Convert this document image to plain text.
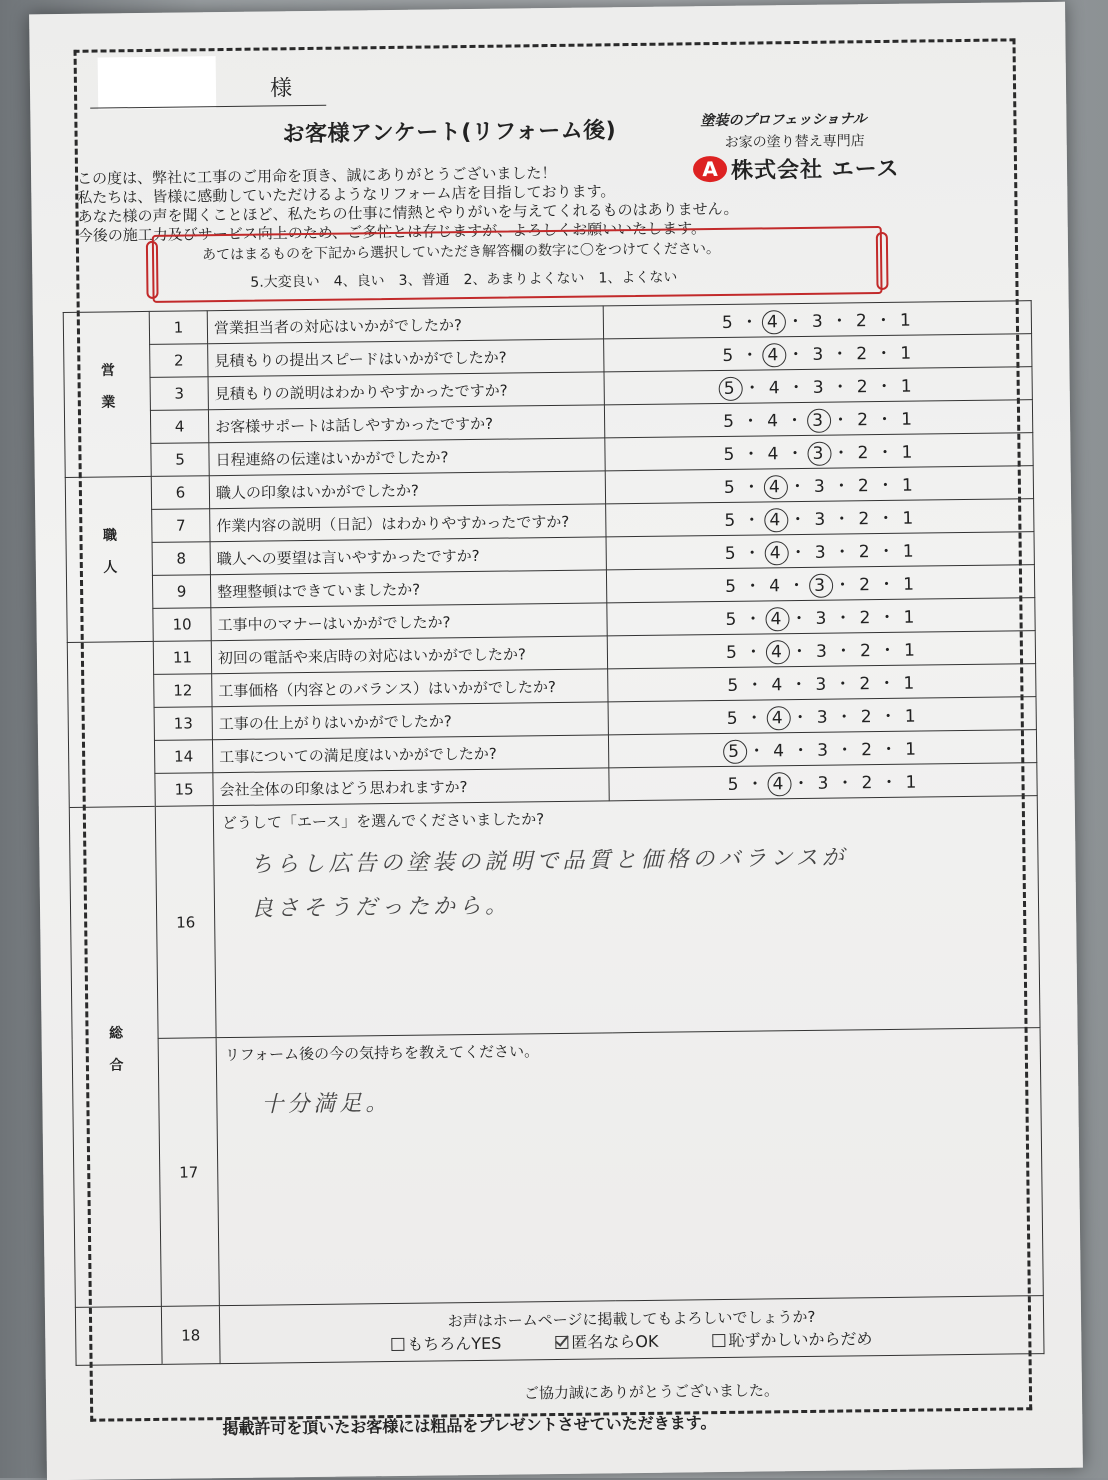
様
お客様アンケート(リフォーム後)	塗装のプロフェッショナル
お家の塗り替え専門店
A 株式会社 エース
この度は、弊社に工事のご用命を頂き、誠にありがとうございました！
私たちは、皆様に感動していただけるようなリフォーム店を目指しております。
あなた様の声を聞くことほど、私たちの仕事に情熱とやりがいを与えてくれるものはありません。
今後の施工力及びサービス向上のため、ご多忙とは存じますが、よろしくお願いいたします。
あてはまるものを下記から選択していただき解答欄の数字に〇をつけてください。
5.大変良い　4、良い　3、普通　2、あまりよくない　1、よくない
営業	1	営業担当者の対応はいかがでしたか?	5 ・ 4 ・ 3 ・ 2 ・ 1
	2	見積もりの提出スピードはいかがでしたか?	5 ・ 4 ・ 3 ・ 2 ・ 1
	3	見積もりの説明はわかりやすかったですか?	5 ・ 4 ・ 3 ・ 2 ・ 1
	4	お客様サポートは話しやすかったですか?	5 ・ 4 ・ 3 ・ 2 ・ 1
	5	日程連絡の伝達はいかがでしたか?	5 ・ 4 ・ 3 ・ 2 ・ 1
職人	6	職人の印象はいかがでしたか?	5 ・ 4 ・ 3 ・ 2 ・ 1
	7	作業内容の説明（日記）はわかりやすかったですか?	5 ・ 4 ・ 3 ・ 2 ・ 1
	8	職人への要望は言いやすかったですか?	5 ・ 4 ・ 3 ・ 2 ・ 1
	9	整理整頓はできていましたか?	5 ・ 4 ・ 3 ・ 2 ・ 1
	10	工事中のマナーはいかがでしたか?	5 ・ 4 ・ 3 ・ 2 ・ 1
	11	初回の電話や来店時の対応はいかがでしたか?	5 ・ 4 ・ 3 ・ 2 ・ 1
	12	工事価格（内容とのバランス）はいかがでしたか?	5 ・ 4 ・ 3 ・ 2 ・ 1
	13	工事の仕上がりはいかがでしたか?	5 ・ 4 ・ 3 ・ 2 ・ 1
	14	工事についての満足度はいかがでしたか?	5 ・ 4 ・ 3 ・ 2 ・ 1
	15	会社全体の印象はどう思われますか?	5 ・ 4 ・ 3 ・ 2 ・ 1
総合	16	どうして「エース」を選んでくださいましたか?
ちらし広告の塗装の説明で品質と価格のバランスが
良さそうだったから。	

	17	リフォーム後の今の気持ちを教えてください。
十分満足。	

	18	お声はホームページに掲載してもよろしいでしょうか?
もちろんYES 匿名ならOK 恥ずかしいからだめ	
ご協力誠にありがとうございました。
掲載許可を頂いたお客様には粗品をプレゼントさせていただきます。
